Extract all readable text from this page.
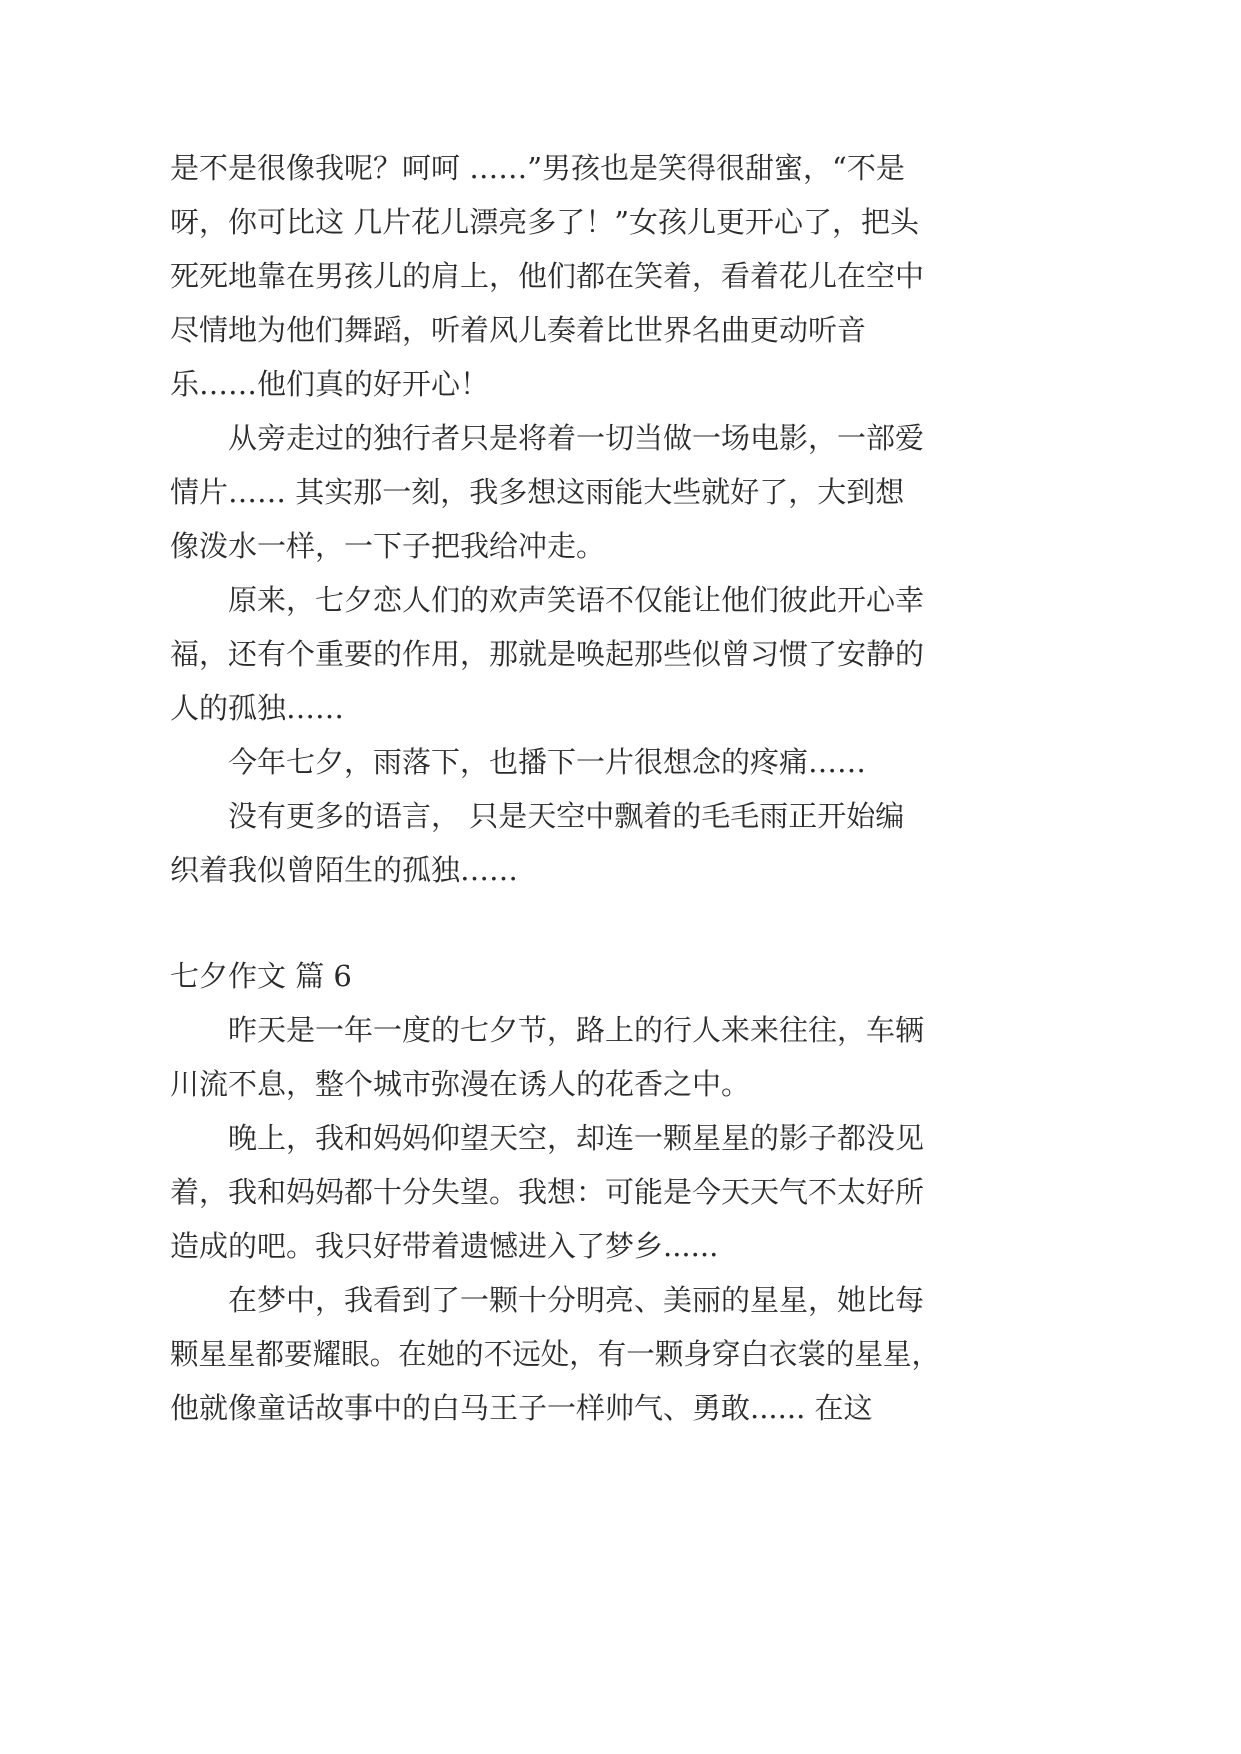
是不是很像我呢？呵呵 ……”男孩也是笑得很甜蜜，“不是
呀，你可比这 几片花儿漂亮多了！”女孩儿更开心了，把头
死死地靠在男孩儿的肩上，他们都在笑着，看着花儿在空中
尽情地为他们舞蹈，听着风儿奏着比世界名曲更动听音
乐……他们真的好开心！
从旁走过的独行者只是将着一切当做一场电影，一部爱
情片…… 其实那一刻，我多想这雨能大些就好了，大到想
像泼水一样，一下子把我给冲走。
原来，七夕恋人们的欢声笑语不仅能让他们彼此开心幸
福，还有个重要的作用，那就是唤起那些似曾习惯了安静的
人的孤独……
今年七夕，雨落下，也播下一片很想念的疼痛……
没有更多的语言， 只是天空中飘着的毛毛雨正开始编
织着我似曾陌生的孤独……
七夕作文 篇 6
昨天是一年一度的七夕节，路上的行人来来往往，车辆
川流不息，整个城市弥漫在诱人的花香之中。
晚上，我和妈妈仰望天空，却连一颗星星的影子都没见
着，我和妈妈都十分失望。我想：可能是今天天气不太好所
造成的吧。我只好带着遗憾进入了梦乡......
在梦中，我看到了一颗十分明亮、美丽的星星，她比每
颗星星都要耀眼。在她的不远处，有一颗身穿白衣裳的星星，
他就像童话故事中的白马王子一样帅气、勇敢...... 在这
